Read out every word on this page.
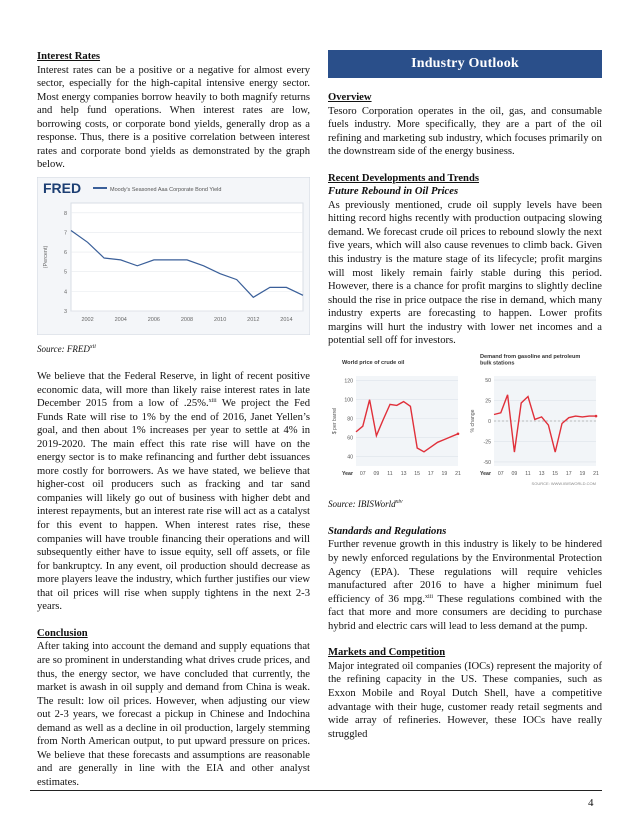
Interest Rates

Interest rates can be a positive or a negative for almost every sector, especially for the high-capital intensive energy sector. Most energy companies borrow heavily to both magnify returns and help fund operations. When interest rates are low, borrowing costs, or corporate bond yields, generally drop as a response. Thus, there is a positive correlation between interest rates and corporate bond yields as demonstrated by the graph below.

FRED	Moody's Seasoned Aaa Corporate Bond Yield
8
7
6
5
4
3
(Percent)
2002	2004	2006	2008	2010	2012	2014

Source: FRED$^{xii}$

We believe that the Federal Reserve, in light of recent positive economic data, will more than likely raise interest rates in late December 2015 from a low of .25%.$^{xiii}$ We project the Fed Funds Rate will rise to 1% by the end of 2016, Janet Yellen’s goal, and then about 1% increases per year to settle at 4% in 2019-2020. The main effect this rate rise will have on the energy sector is to make refinancing and further debt issuances more costly for borrowers. As we have stated, we believe that higher-cost oil producers such as fracking and tar sand companies will likely go out of business with higher debt and interest repayments, but an interest rate rise will act as a catalyst for this event to happen. When interest rates rise, these companies will have trouble financing their operations and will subsequently either have to issue equity, sell off assets, or file for bankruptcy. In any event, oil production should decrease as more players leave the industry, which further justifies our view that oil prices will rise when supply tightens in the next 2-3 years.

Conclusion

After taking into account the demand and supply equations that are so prominent in understanding what drives crude prices, and thus, the energy sector, we have concluded that currently, the market is awash in oil supply and demand from China is weak. The result: low oil prices. However, when adjusting our view out 2-3 years, we forecast a pickup in Chinese and Indochina demand as well as a decline in oil production, largely stemming from North American output, to put upward pressure on prices. We believe that these forecasts and assumptions are reasonable and are generally in line with the EIA and other analyst estimates.

Industry Outlook

Overview

Tesoro Corporation operates in the oil, gas, and consumable fuels industry. More specifically, they are a part of the oil refining and marketing sub industry, which focuses primarily on the downstream side of the energy business.

Recent Developments and Trends

Future Rebound in Oil Prices

As previously mentioned, crude oil supply levels have been hitting record highs recently with production outpacing slowing demand. We forecast crude oil prices to rebound slowly the next five years, which will also cause revenues to climb back. Given this industry is the mature stage of its lifecycle; profit margins will most likely remain fairly stable during this period. However, there is a chance for profit margins to slightly decline should the rise in price outpace the rise in demand, which many industry experts are forecasting to happen. Lower profits margins will hurt the industry with lower net incomes and a potential sell off for investors.

World price of crude oil
120
100
80
60
40
$ per barrel
Year 07 09 11 13 15 17 19 21
Demand from gasoline and petroleum bulk stations
50
25
0
-25
-50
% change
Year 07 09 11 13 15 17 19 21
SOURCE: WWW.IBISWORLD.COM

Source: IBISWorld$^{xiv}$

Standards and Regulations

Further revenue growth in this industry is likely to be hindered by newly enforced regulations by the Environmental Protection Agency (EPA). These regulations will require vehicles manufactured after 2016 to have a higher minimum fuel efficiency of 36 mpg.$^{xiii}$ These regulations combined with the fact that more and more consumers are deciding to purchase hybrid and electric cars will lead to less demand at the pump.

Markets and Competition

Major integrated oil companies (IOCs) represent the majority of the refining capacity in the US. These companies, such as Exxon Mobile and Royal Dutch Shell, have a competitive advantage with their huge, customer ready retail segments and wide array of refineries. However, these IOCs have really struggled

4
